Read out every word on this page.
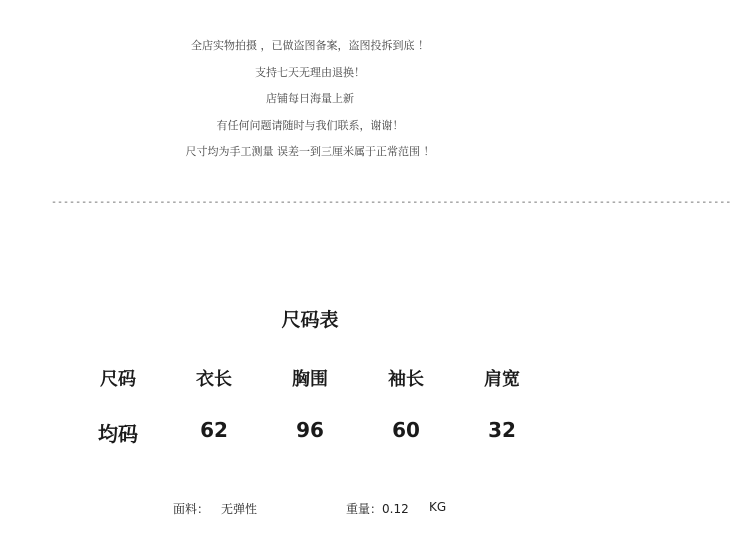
全店实物拍摄 ，已做盗图备案，盗图投拆到底 ！
支持七天无理由退换！
店铺每日海量上新
有任何问题请随时与我们联系，谢谢！
尺寸均为手工测量 误差一到三厘米属于正常范围 ！
-----------------------------------------------------------------------------------------------------------------
尺码表
尺码	衣长	胸围	袖长	肩宽
均码	62	96	60	32
面料： 无弹性	重量：0.12 KG
